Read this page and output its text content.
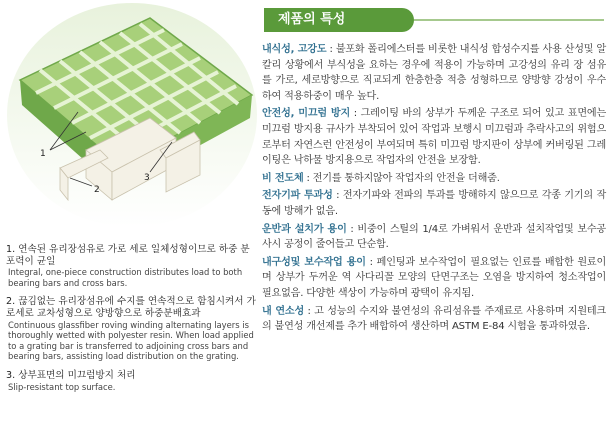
1
2
3
1. 연속된 유리장섬유로 가로 세로 일체성형이므로 하중 분포력이 균일
Integral, one-piece construction distributes load to both bearing bars and cross bars.
2. 끊김없는 유리장섬유에 수지를 연속적으로 함침시켜서 가로세로 교차성형으로 양방향으로 하중분배효과
Continuous glassfiber roving winding alternating layers is thoroughly wetted with polyester resin. When load applied to a grating bar is transferred to adjoining cross bars and bearing bars, assisting load distribution on the grating.
3. 상부표면의 미끄럼방지 처리
Slip-resistant top surface.
제품의 특성
내식성, 고강도 : 불포화 폴리에스터를 비롯한 내식성 합성수지를 사용 산성및 알칼리 상황에서 부식성을 요하는 경우에 적용이 가능하며 고강성의 유리 장 섬유를 가로, 세로방향으로 직교되게 한층한층 적층 성형하므로 양방향 강성이 우수하여 적용하중이 매우 높다.
안전성, 미끄럼 방지 : 그레이팅 바의 상부가 두께운 구조로 되어 있고 표면에는 미끄럼 방지용 규사가 부착되어 있어 작업과 보행시 미끄럼과 추락사고의 위험으로부터 자연스런 안전성이 부여되며 특히 미끄럼 방지판이 상부에 커버링된 그레이팅은 낙하물 방지용으로 작업자의 안전을 보장함.
비 전도체 : 전기를 통하지않아 작업자의 안전을 더해줌.
전자기파 투과성 : 전자기파와 전파의 투과를 방해하지 않으므로 각종 기기의 작동에 방해가 없음.
운반과 설치가 용이 : 비중이 스틸의 1/4로 가벼워서 운반과 설치작업및 보수공사시 공정이 줄어들고 단순함.
내구성및 보수작업 용이 : 페인팅과 보수작업이 필요없는 인료를 배합한 원료이며 상부가 두꺼운 역 사다리꼴 모양의 단면구조는 오염을 방지하여 청소작업이 필요없음. 다양한 색상이 가능하며 광택이 유지됨.
내 연소성 : 고 성능의 수지와 불연성의 유리섬유를 주재료로 사용하며 지원테크의 불연성 개선제를 추가 배합하여 생산하며 ASTM E-84 시험을 통과하였음.
